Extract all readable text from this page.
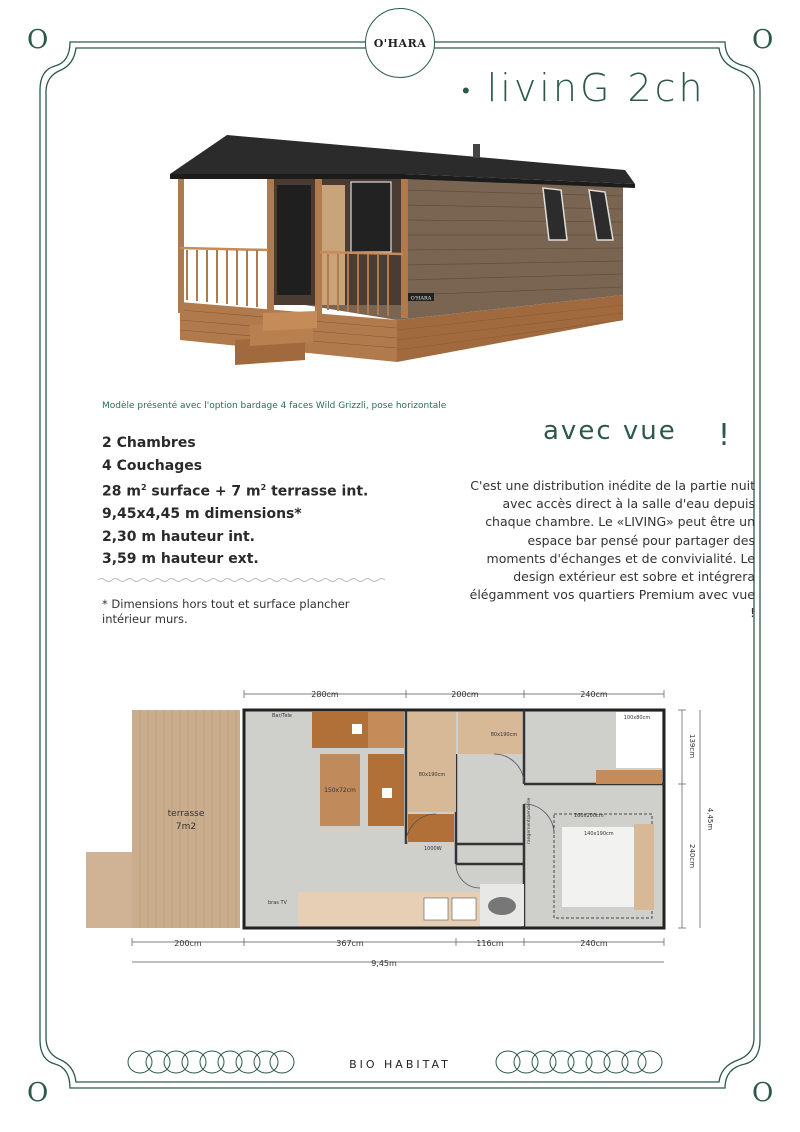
O	O
O	O
O'HARA
• livinG 2ch
O'HARA
Modèle présenté avec l'option bardage 4 faces Wild Grizzli, pose horizontale
2 Chambres
4 Couchages
28 $m^2$ surface + 7 $m^2$ terrasse int.
9,45x4,45 m dimensions*
2,30 m hauteur int.
3,59 m hauteur ext.
* Dimensions hors tout et surface plancher intérieur murs.
avec vue !
C'est une distribution inédite de la partie nuit avec accès direct à la salle d'eau depuis chaque chambre. Le «LIVING» peut être un espace bar pensé pour partager des moments d'échanges et de convivialité. Le design extérieur est sobre et intégrera élégamment vos quartiers Premium avec vue !
terrasse
7m2
150x72cm
Bar/Tele
80x190cm
80x190cm
1000W
100x80cm
160x200cm
140x190cm
rangement/penderie
bras TV
280cm	200cm	240cm
200cm	367cm	116cm	240cm
9,45m
139cm
240cm
4,45m
BIO HABITAT
